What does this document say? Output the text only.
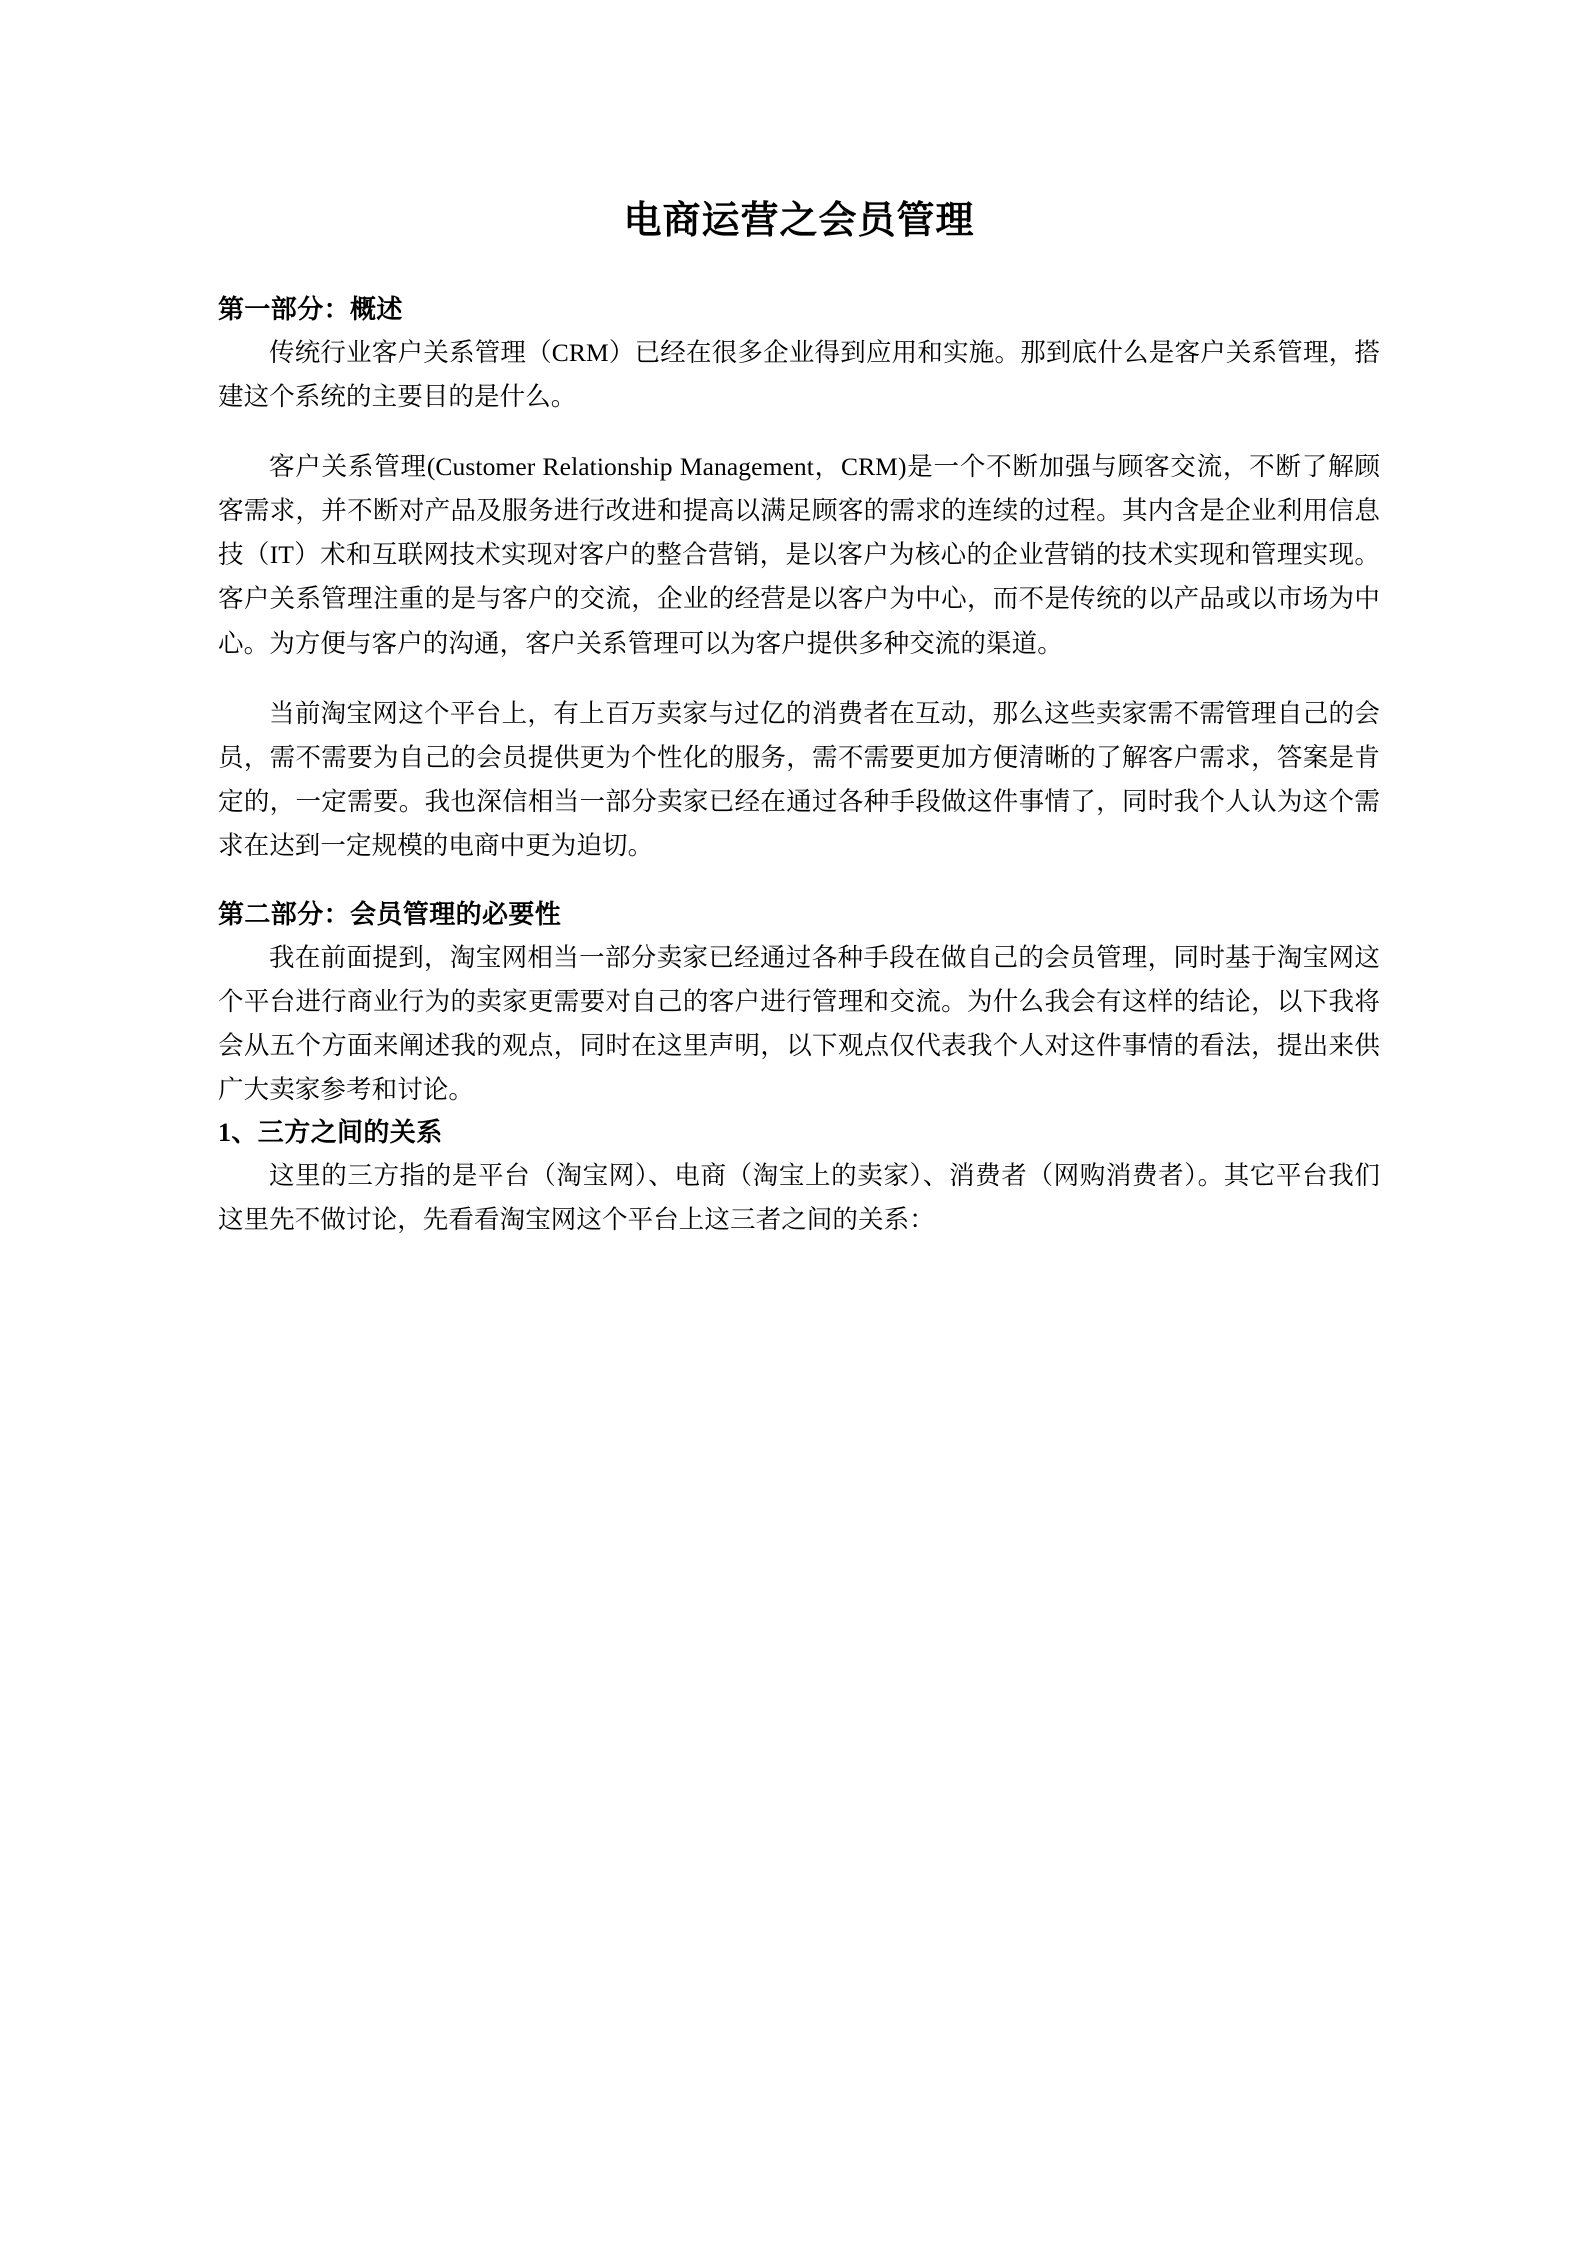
电商运营之会员管理
第一部分：概述

传统行业客户关系管理（CRM）已经在很多企业得到应用和实施。那到底什么是客户关系管理，搭建这个系统的主要目的是什么。

客户关系管理(Customer Relationship Management，CRM)是一个不断加强与顾客交流，不断了解顾客需求，并不断对产品及服务进行改进和提高以满足顾客的需求的连续的过程。其内含是企业利用信息技（IT）术和互联网技术实现对客户的整合营销，是以客户为核心的企业营销的技术实现和管理实现。客户关系管理注重的是与客户的交流，企业的经营是以客户为中心，而不是传统的以产品或以市场为中心。为方便与客户的沟通，客户关系管理可以为客户提供多种交流的渠道。

当前淘宝网这个平台上，有上百万卖家与过亿的消费者在互动，那么这些卖家需不需管理自己的会员，需不需要为自己的会员提供更为个性化的服务，需不需要更加方便清晰的了解客户需求，答案是肯定的，一定需要。我也深信相当一部分卖家已经在通过各种手段做这件事情了，同时我个人认为这个需求在达到一定规模的电商中更为迫切。

第二部分：会员管理的必要性

我在前面提到，淘宝网相当一部分卖家已经通过各种手段在做自己的会员管理，同时基于淘宝网这个平台进行商业行为的卖家更需要对自己的客户进行管理和交流。为什么我会有这样的结论，以下我将会从五个方面来阐述我的观点，同时在这里声明，以下观点仅代表我个人对这件事情的看法，提出来供广大卖家参考和讨论。

1、三方之间的关系

这里的三方指的是平台（淘宝网）、电商（淘宝上的卖家）、消费者（网购消费者）。其它平台我们这里先不做讨论，先看看淘宝网这个平台上这三者之间的关系：
